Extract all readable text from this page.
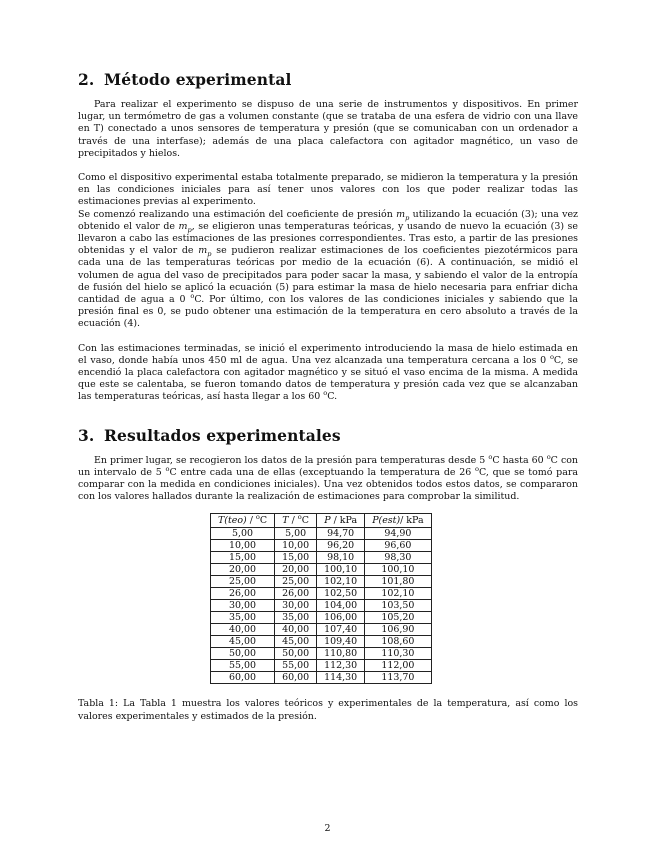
2. Método experimental

Para realizar el experimento se dispuso de una serie de instrumentos y dispositivos. En primer lugar, un termómetro de gas a volumen constante (que se trataba de una esfera de vidrio con una llave en T) conectado a unos sensores de temperatura y presión (que se comunicaban con un ordenador a través de una interfase); además de una placa calefactora con agitador magnético, un vaso de precipitados y hielos.

Como el dispositivo experimental estaba totalmente preparado, se midieron la temperatura y la presión en las condiciones iniciales para así tener unos valores con los que poder realizar todas las estimaciones previas al experimento.

Se comenzó realizando una estimación del coeficiente de presión $m_p$ utilizando la ecuación (3); una vez obtenido el valor de $m_p$, se eligieron unas temperaturas teóricas, y usando de nuevo la ecuación (3) se llevaron a cabo las estimaciones de las presiones correspondientes. Tras esto, a partir de las presiones obtenidas y el valor de $m_p$ se pudieron realizar estimaciones de los coeficientes piezotérmicos para cada una de las temperaturas teóricas por medio de la ecuación (6). A continuación, se midió el volumen de agua del vaso de precipitados para poder sacar la masa, y sabiendo el valor de la entropía de fusión del hielo se aplicó la ecuación (5) para estimar la masa de hielo necesaria para enfriar dicha cantidad de agua a 0 $^o$C. Por último, con los valores de las condiciones iniciales y sabiendo que la presión final es 0, se pudo obtener una estimación de la temperatura en cero absoluto a través de la ecuación (4).

Con las estimaciones terminadas, se inició el experimento introduciendo la masa de hielo estimada en el vaso, donde había unos 450 ml de agua. Una vez alcanzada una temperatura cercana a los 0 $^o$C, se encendió la placa calefactora con agitador magnético y se situó el vaso encima de la misma. A medida que este se calentaba, se fueron tomando datos de temperatura y presión cada vez que se alcanzaban las temperaturas teóricas, así hasta llegar a los 60 $^o$C.

3. Resultados experimentales

En primer lugar, se recogieron los datos de la presión para temperaturas desde 5 $^o$C hasta 60 $^o$C con un intervalo de 5 $^o$C entre cada una de ellas (exceptuando la temperatura de 26 $^o$C, que se tomó para comparar con la medida en condiciones iniciales). Una vez obtenidos todos estos datos, se compararon con los valores hallados durante la realización de estimaciones para comprobar la similitud.

T(teo) / $^o$C	T / $^o$C	P / kPa	P(est)/ kPa
5,00	5,00	94,70	94,90
10,00	10,00	96,20	96,60
15,00	15,00	98,10	98,30
20,00	20,00	100,10	100,10
25,00	25,00	102,10	101,80
26,00	26,00	102,50	102,10
30,00	30,00	104,00	103,50
35,00	35,00	106,00	105,20
40,00	40,00	107,40	106,90
45,00	45,00	109,40	108,60
50,00	50,00	110,80	110,30
55,00	55,00	112,30	112,00
60,00	60,00	114,30	113,70
Tabla 1: La Tabla 1 muestra los valores teóricos y experimentales de la temperatura, así como los valores experimentales y estimados de la presión.
2
